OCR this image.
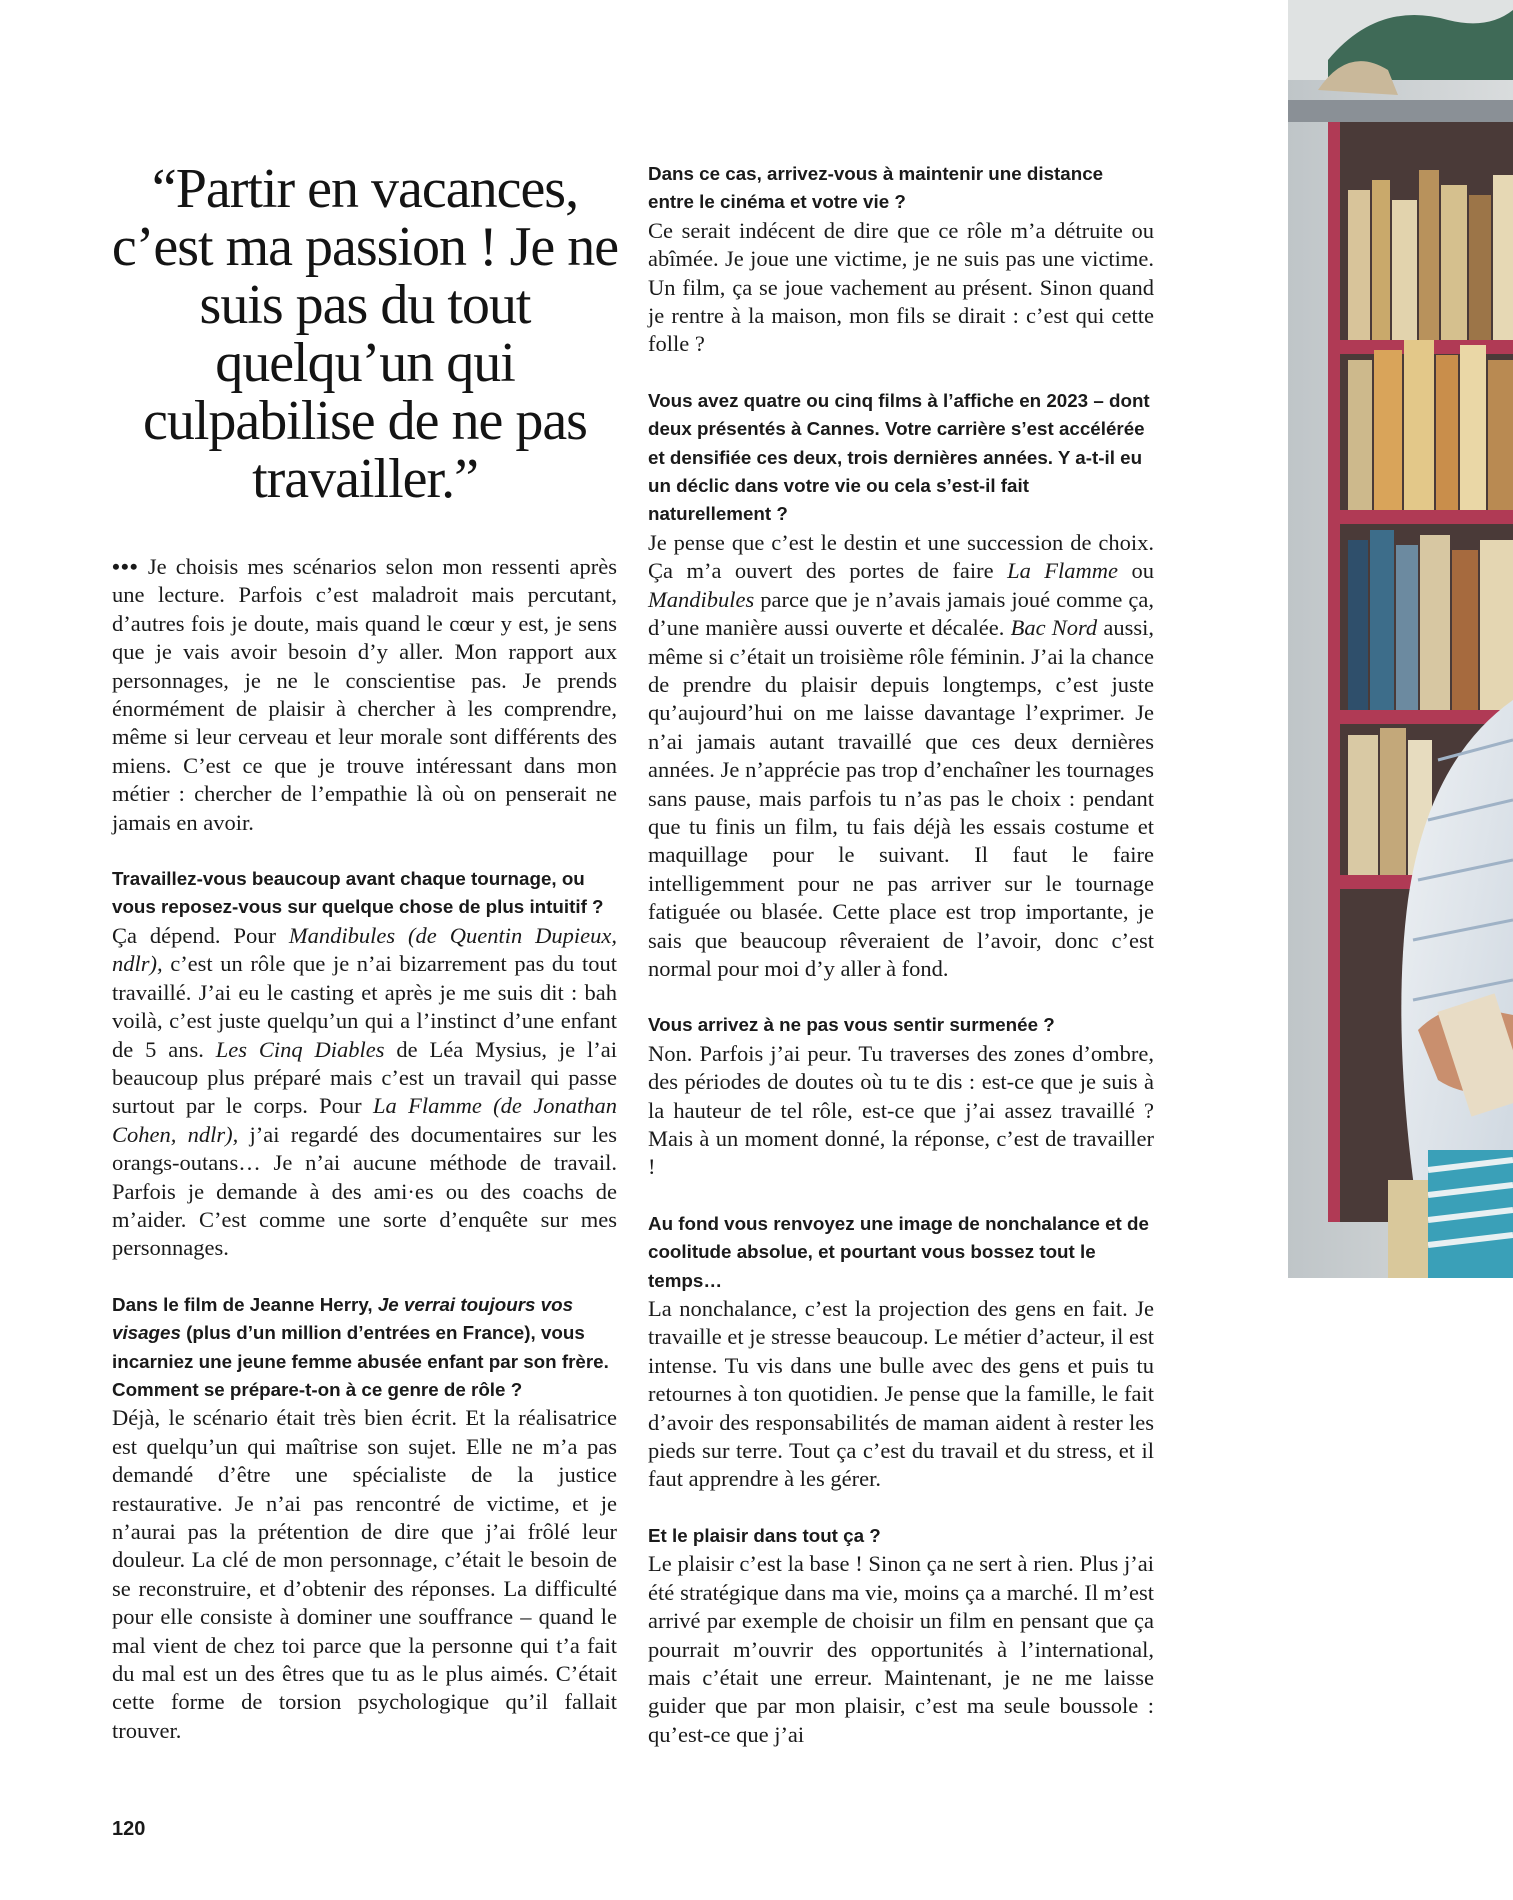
“Partir en vacances, c’est ma passion ! Je ne suis pas du tout quelqu’un qui culpabilise de ne pas travailler.”

••• Je choisis mes scénarios selon mon ressenti après une lecture. Parfois c’est maladroit mais percutant, d’autres fois je doute, mais quand le cœur y est, je sens que je vais avoir besoin d’y aller. Mon rapport aux personnages, je ne le conscientise pas. Je prends énormément de plaisir à chercher à les comprendre, même si leur cerveau et leur morale sont différents des miens. C’est ce que je trouve intéressant dans mon métier : chercher de l’empathie là où on penserait ne jamais en avoir.

Travaillez-vous beaucoup avant chaque tournage, ou vous reposez-vous sur quelque chose de plus intuitif ?

Ça dépend. Pour Mandibules (de Quentin Dupieux, ndlr), c’est un rôle que je n’ai bizarrement pas du tout travaillé. J’ai eu le casting et après je me suis dit : bah voilà, c’est juste quelqu’un qui a l’instinct d’une enfant de 5 ans. Les Cinq Diables de Léa Mysius, je l’ai beaucoup plus préparé mais c’est un travail qui passe surtout par le corps. Pour La Flamme (de Jonathan Cohen, ndlr), j’ai regardé des documentaires sur les orangs-outans… Je n’ai aucune méthode de travail. Parfois je demande à des ami·es ou des coachs de m’aider. C’est comme une sorte d’enquête sur mes personnages.

Dans le film de Jeanne Herry, Je verrai toujours vos visages (plus d’un million d’entrées en France), vous incarniez une jeune femme abusée enfant par son frère. Comment se prépare-t-on à ce genre de rôle ?

Déjà, le scénario était très bien écrit. Et la réalisatrice est quelqu’un qui maîtrise son sujet. Elle ne m’a pas demandé d’être une spécialiste de la justice restaurative. Je n’ai pas rencontré de victime, et je n’aurai pas la prétention de dire que j’ai frôlé leur douleur. La clé de mon personnage, c’était le besoin de se reconstruire, et d’obtenir des réponses. La difficulté pour elle consiste à dominer une souffrance – quand le mal vient de chez toi parce que la personne qui t’a fait du mal est un des êtres que tu as le plus aimés. C’était cette forme de torsion psychologique qu’il fallait trouver.

Dans ce cas, arrivez-vous à maintenir une distance entre le cinéma et votre vie ?

Ce serait indécent de dire que ce rôle m’a détruite ou abîmée. Je joue une victime, je ne suis pas une victime. Un film, ça se joue vachement au présent. Sinon quand je rentre à la maison, mon fils se dirait : c’est qui cette folle ?

Vous avez quatre ou cinq films à l’affiche en 2023 – dont deux présentés à Cannes. Votre carrière s’est accélérée et densifiée ces deux, trois dernières années. Y a-t-il eu un déclic dans votre vie ou cela s’est-il fait naturellement ?

Je pense que c’est le destin et une succession de choix. Ça m’a ouvert des portes de faire La Flamme ou Mandibules parce que je n’avais jamais joué comme ça, d’une manière aussi ouverte et décalée. Bac Nord aussi, même si c’était un troisième rôle féminin. J’ai la chance de prendre du plaisir depuis longtemps, c’est juste qu’aujourd’hui on me laisse davantage l’exprimer. Je n’ai jamais autant travaillé que ces deux dernières années. Je n’apprécie pas trop d’enchaîner les tournages sans pause, mais parfois tu n’as pas le choix : pendant que tu finis un film, tu fais déjà les essais costume et maquillage pour le suivant. Il faut le faire intelligemment pour ne pas arriver sur le tournage fatiguée ou blasée. Cette place est trop importante, je sais que beaucoup rêveraient de l’avoir, donc c’est normal pour moi d’y aller à fond.

Vous arrivez à ne pas vous sentir surmenée ?

Non. Parfois j’ai peur. Tu traverses des zones d’ombre, des périodes de doutes où tu te dis : est-ce que je suis à la hauteur de tel rôle, est-ce que j’ai assez travaillé ? Mais à un moment donné, la réponse, c’est de travailler !

Au fond vous renvoyez une image de nonchalance et de coolitude absolue, et pourtant vous bossez tout le temps…

La nonchalance, c’est la projection des gens en fait. Je travaille et je stresse beaucoup. Le métier d’acteur, il est intense. Tu vis dans une bulle avec des gens et puis tu retournes à ton quotidien. Je pense que la famille, le fait d’avoir des responsabilités de maman aident à rester les pieds sur terre. Tout ça c’est du travail et du stress, et il faut apprendre à les gérer.

Et le plaisir dans tout ça ?

Le plaisir c’est la base ! Sinon ça ne sert à rien. Plus j’ai été stratégique dans ma vie, moins ça a marché. Il m’est arrivé par exemple de choisir un film en pensant que ça pourrait m’ouvrir des opportunités à l’international, mais c’était une erreur. Maintenant, je ne me laisse guider que par mon plaisir, c’est ma seule boussole : qu’est-ce que j’ai

120
